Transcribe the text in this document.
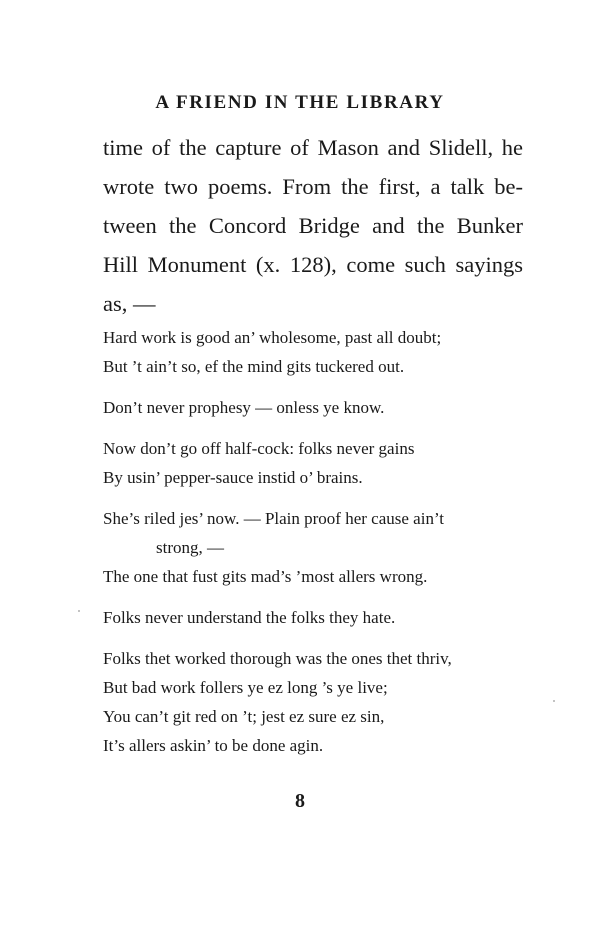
A FRIEND IN THE LIBRARY
time of the capture of Mason and Slidell, he
wrote two poems. From the first, a talk be-
tween the Concord Bridge and the Bunker
Hill Monument (x. 128), come such sayings
as, —
Hard work is good an’ wholesome, past all doubt;
But ’t ain’t so, ef the mind gits tuckered out.
Don’t never prophesy — onless ye know.
Now don’t go off half-cock: folks never gains
By usin’ pepper-sauce instid o’ brains.
She’s riled jes’ now. — Plain proof her cause ain’t
strong, —
The one that fust gits mad’s ’most allers wrong.
Folks never understand the folks they hate.
Folks thet worked thorough was the ones thet thriv,
But bad work follers ye ez long ’s ye live;
You can’t git red on ’t; jest ez sure ez sin,
It’s allers askin’ to be done agin.
8
